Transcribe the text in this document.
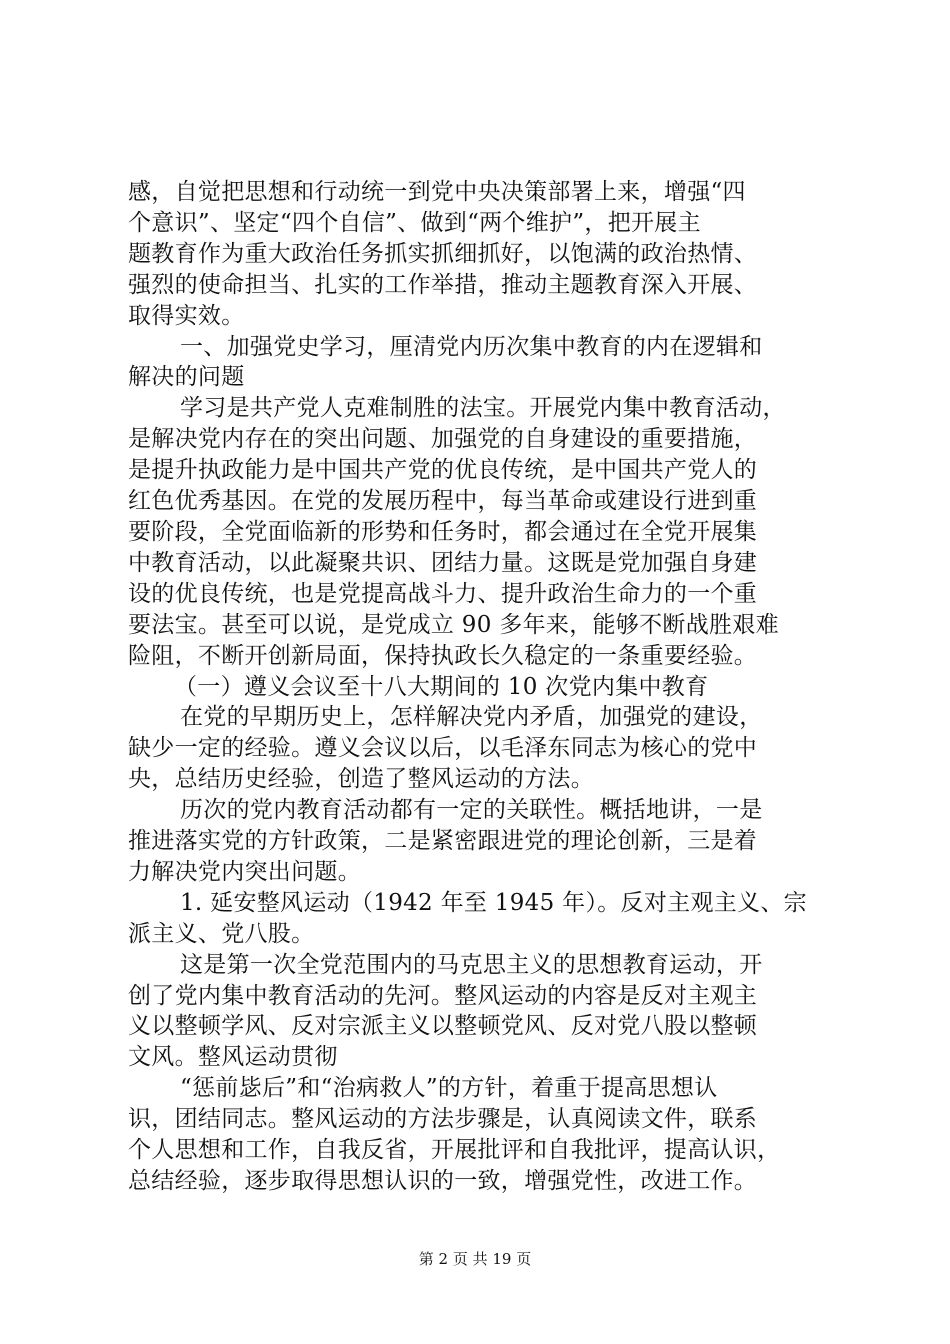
感，自觉把思想和行动统一到党中央决策部署上来，增强“四
个意识”、坚定“四个自信”、做到“两个维护”，把开展主
题教育作为重大政治任务抓实抓细抓好，以饱满的政治热情、
强烈的使命担当、扎实的工作举措，推动主题教育深入开展、
取得实效。
一、加强党史学习，厘清党内历次集中教育的内在逻辑和
解决的问题
学习是共产党人克难制胜的法宝。开展党内集中教育活动，
是解决党内存在的突出问题、加强党的自身建设的重要措施，
是提升执政能力是中国共产党的优良传统，是中国共产党人的
红色优秀基因。在党的发展历程中，每当革命或建设行进到重
要阶段，全党面临新的形势和任务时，都会通过在全党开展集
中教育活动，以此凝聚共识、团结力量。这既是党加强自身建
设的优良传统，也是党提高战斗力、提升政治生命力的一个重
要法宝。甚至可以说，是党成立 90 多年来，能够不断战胜艰难
险阻，不断开创新局面，保持执政长久稳定的一条重要经验。
（一）遵义会议至十八大期间的 10 次党内集中教育
在党的早期历史上，怎样解决党内矛盾，加强党的建设，
缺少一定的经验。遵义会议以后，以毛泽东同志为核心的党中
央，总结历史经验，创造了整风运动的方法。
历次的党内教育活动都有一定的关联性。概括地讲，一是
推进落实党的方针政策，二是紧密跟进党的理论创新，三是着
力解决党内突出问题。
1. 延安整风运动（1942 年至 1945 年）。反对主观主义、宗
派主义、党八股。
这是第一次全党范围内的马克思主义的思想教育运动，开
创了党内集中教育活动的先河。整风运动的内容是反对主观主
义以整顿学风、反对宗派主义以整顿党风、反对党八股以整顿
文风。整风运动贯彻
“惩前毖后”和“治病救人”的方针，着重于提高思想认
识，团结同志。整风运动的方法步骤是，认真阅读文件，联系
个人思想和工作，自我反省，开展批评和自我批评，提高认识，
总结经验，逐步取得思想认识的一致，增强党性，改进工作。
第 2 页 共 19 页
